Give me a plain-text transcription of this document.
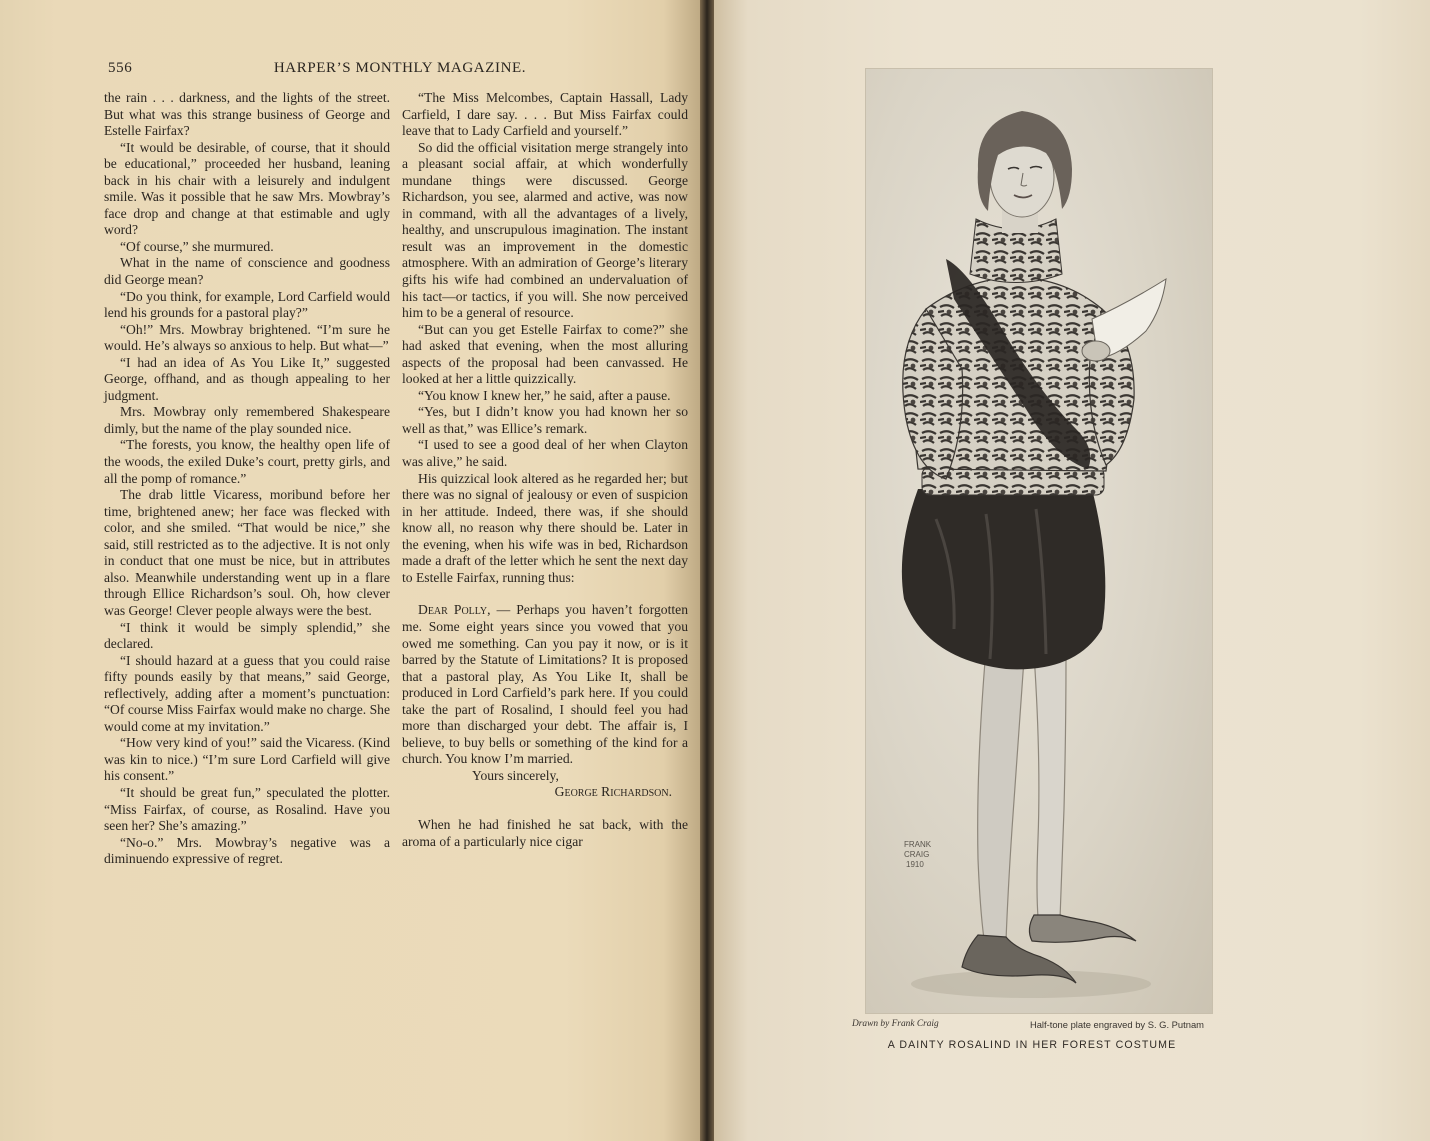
556	HARPER’S MONTHLY MAGAZINE.

the rain . . . darkness, and the lights of the street. But what was this strange business of George and Estelle Fairfax?

“It would be desirable, of course, that it should be educational,” proceeded her husband, leaning back in his chair with a leisurely and indulgent smile. Was it possible that he saw Mrs. Mowbray’s face drop and change at that estimable and ugly word?

“Of course,” she murmured.

What in the name of conscience and goodness did George mean?

“Do you think, for example, Lord Carfield would lend his grounds for a pastoral play?”

“Oh!” Mrs. Mowbray brightened. “I’m sure he would. He’s always so anxious to help. But what—”

“I had an idea of As You Like It,” suggested George, offhand, and as though appealing to her judgment.

Mrs. Mowbray only remembered Shakespeare dimly, but the name of the play sounded nice.

“The forests, you know, the healthy open life of the woods, the exiled Duke’s court, pretty girls, and all the pomp of romance.”

The drab little Vicaress, moribund before her time, brightened anew; her face was flecked with color, and she smiled. “That would be nice,” she said, still restricted as to the adjective. It is not only in conduct that one must be nice, but in attributes also. Meanwhile understanding went up in a flare through Ellice Richardson’s soul. Oh, how clever was George! Clever people always were the best.

“I think it would be simply splendid,” she declared.

“I should hazard at a guess that you could raise fifty pounds easily by that means,” said George, reflectively, adding after a moment’s punctuation: “Of course Miss Fairfax would make no charge. She would come at my invitation.”

“How very kind of you!” said the Vicaress. (Kind was kin to nice.) “I’m sure Lord Carfield will give his consent.”

“It should be great fun,” speculated the plotter. “Miss Fairfax, of course, as Rosalind. Have you seen her? She’s amazing.”

“No-o.” Mrs. Mowbray’s negative was a diminuendo expressive of regret.

“The Miss Melcombes, Captain Hassall, Lady Carfield, I dare say. . . . But Miss Fairfax could leave that to Lady Carfield and yourself.”

So did the official visitation merge strangely into a pleasant social affair, at which wonderfully mundane things were discussed. George Richardson, you see, alarmed and active, was now in command, with all the advantages of a lively, healthy, and unscrupulous imagination. The instant result was an improvement in the domestic atmosphere. With an admiration of George’s literary gifts his wife had combined an undervaluation of his tact—or tactics, if you will. She now perceived him to be a general of resource.

“But can you get Estelle Fairfax to come?” she had asked that evening, when the most alluring aspects of the proposal had been canvassed. He looked at her a little quizzically.

“You know I knew her,” he said, after a pause.

“Yes, but I didn’t know you had known her so well as that,” was Ellice’s remark.

“I used to see a good deal of her when Clayton was alive,” he said.

His quizzical look altered as he regarded her; but there was no signal of jealousy or even of suspicion in her attitude. Indeed, there was, if she should know all, no reason why there should be. Later in the evening, when his wife was in bed, Richardson made a draft of the letter which he sent the next day to Estelle Fairfax, running thus:

Dear Polly, — Perhaps you haven’t forgotten me. Some eight years since you vowed that you owed me something. Can you pay it now, or is it barred by the Statute of Limitations? It is proposed that a pastoral play, As You Like It, shall be produced in Lord Carfield’s park here. If you could take the part of Rosalind, I should feel you had more than discharged your debt. The affair is, I believe, to buy bells or something of the kind for a church. You know I’m married.

Yours sincerely,

George Richardson.

When he had finished he sat back, with the aroma of a particularly nice cigar	FRANK
CRAIG
1910
Drawn by Frank Craig	Half-tone plate engraved by S. G. Putnam
A DAINTY ROSALIND IN HER FOREST COSTUME
